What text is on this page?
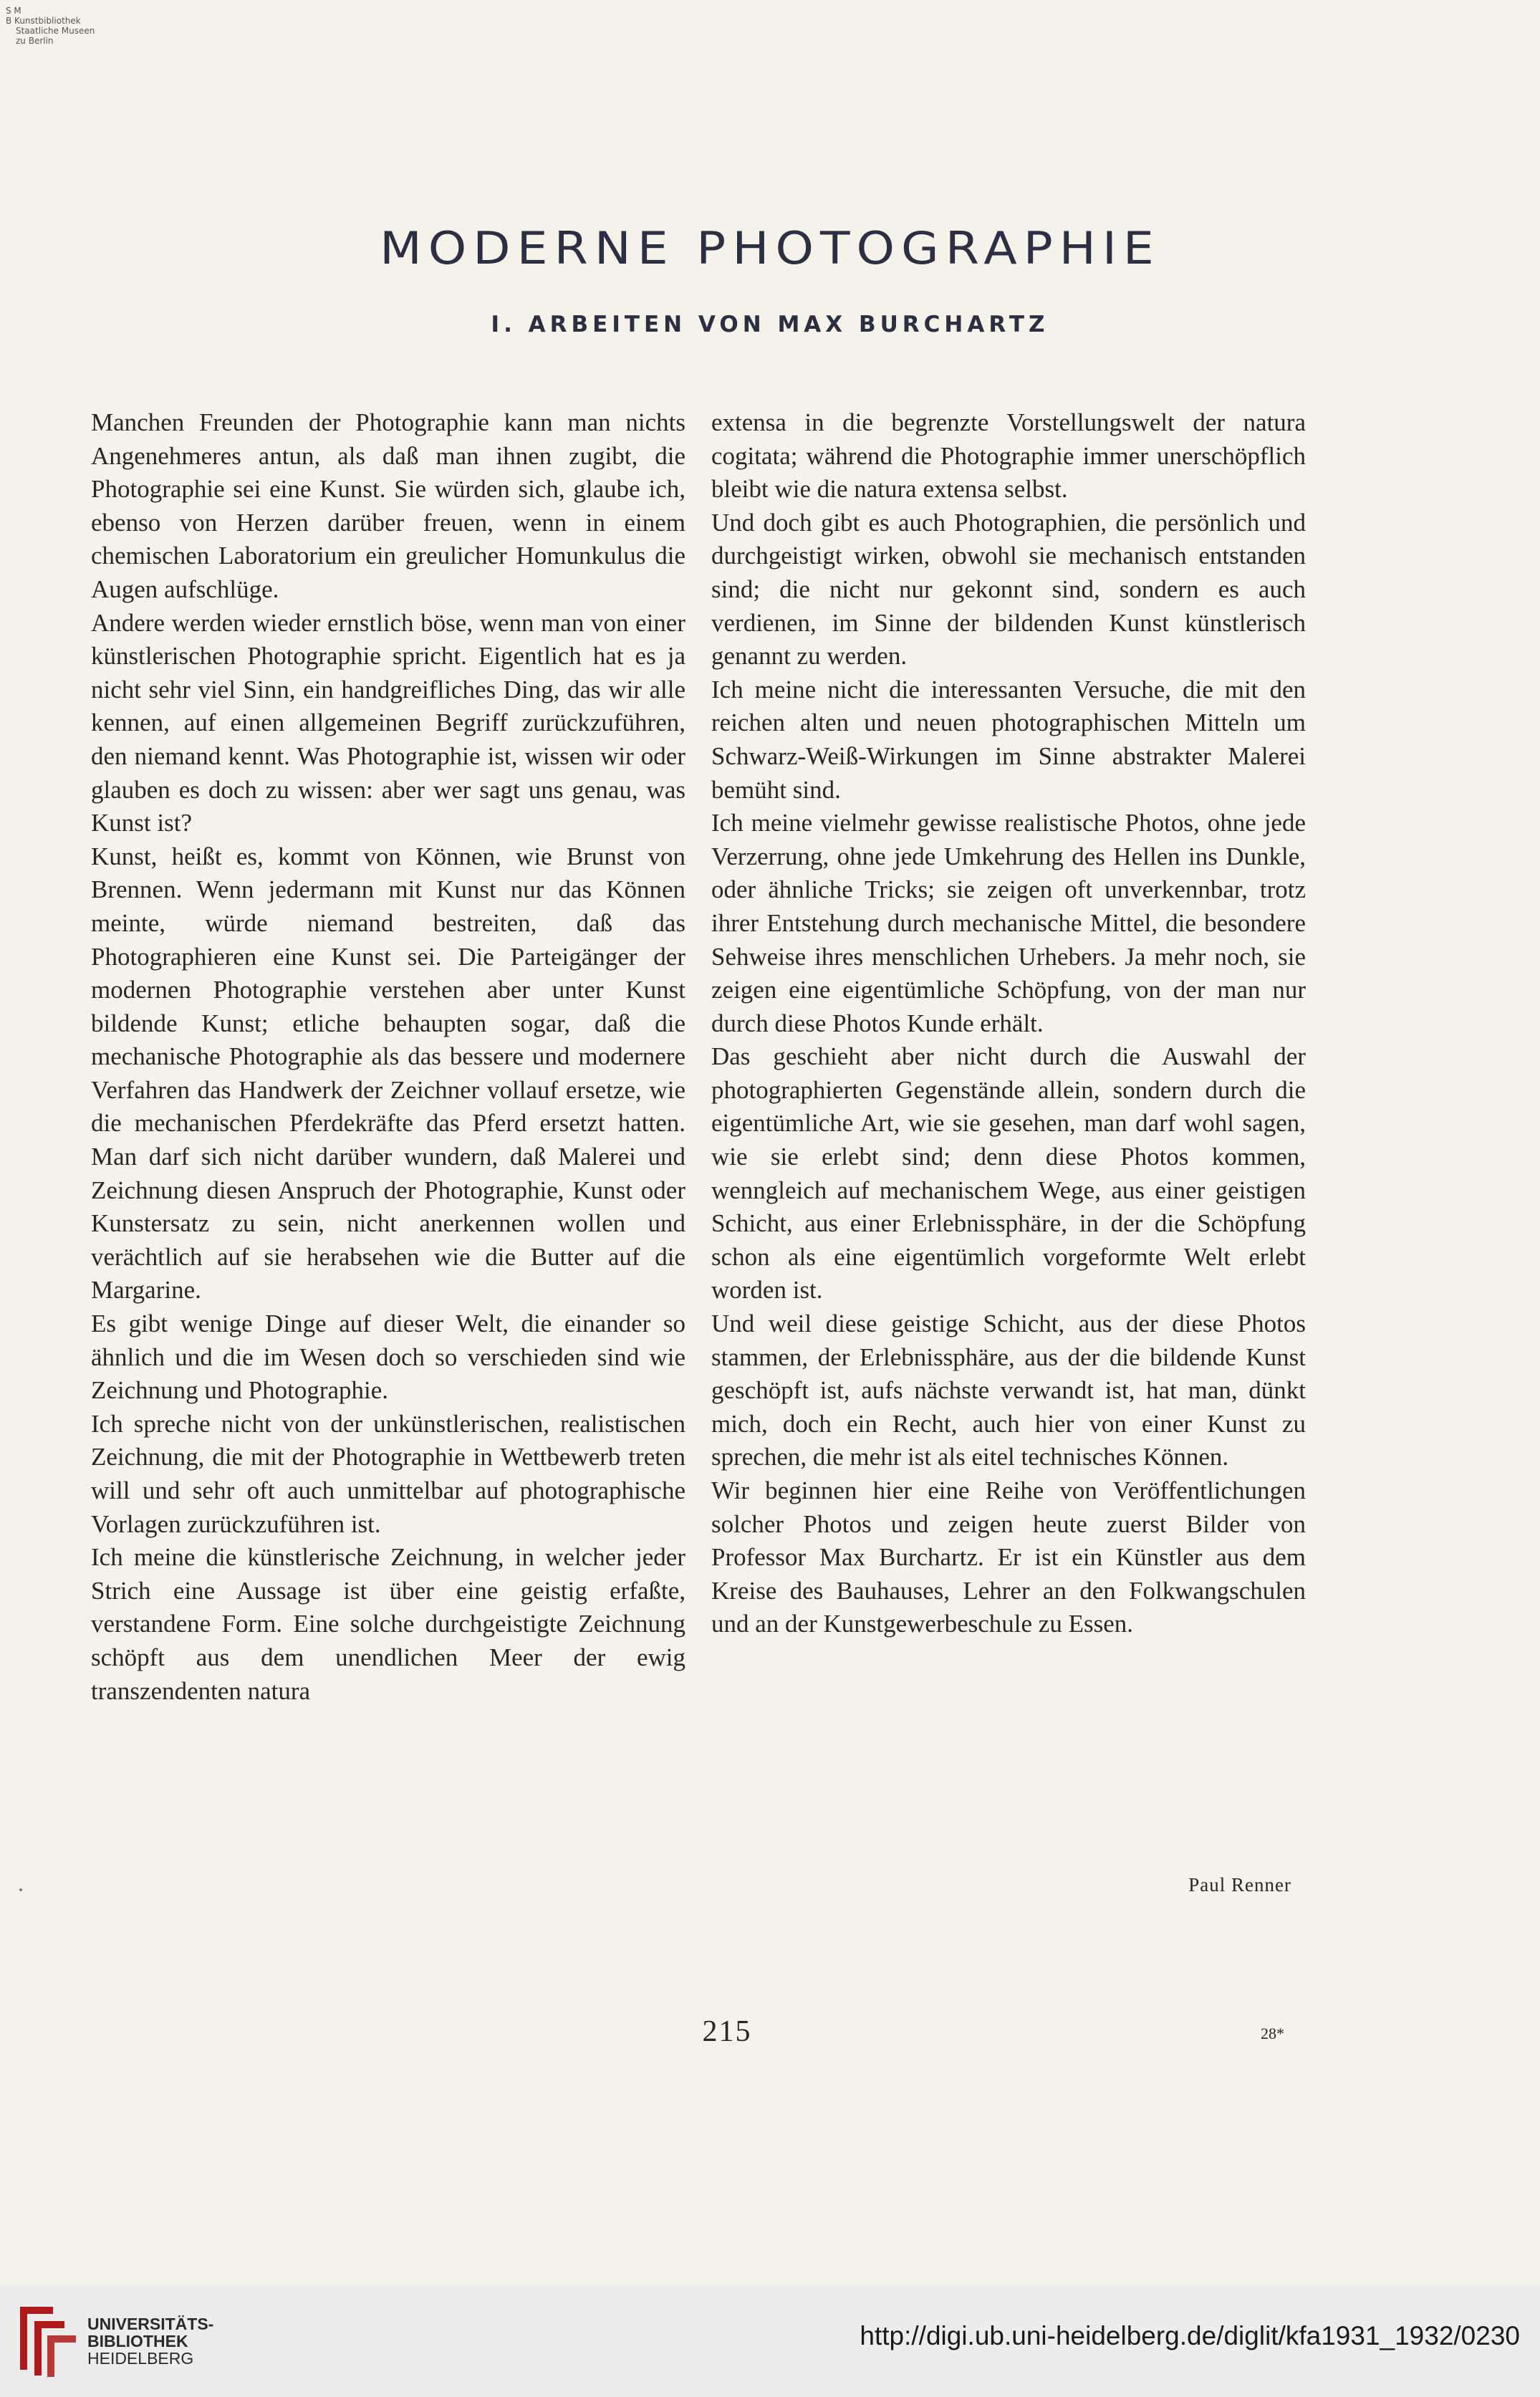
S M
B Kunstbibliothek
Staatliche Museen
zu Berlin
MODERNE PHOTOGRAPHIE
I. ARBEITEN VON MAX BURCHARTZ

Manchen Freunden der Photographie kann man nichts Angenehmeres antun, als daß man ihnen zugibt, die Photographie sei eine Kunst. Sie würden sich, glaube ich, ebenso von Herzen darüber freuen, wenn in einem chemischen Laboratorium ein greulicher Homunkulus die Augen aufschlüge.

Andere werden wieder ernstlich böse, wenn man von einer künstlerischen Photographie spricht. Eigentlich hat es ja nicht sehr viel Sinn, ein handgreifliches Ding, das wir alle kennen, auf einen allgemeinen Begriff zurückzuführen, den niemand kennt. Was Photographie ist, wissen wir oder glauben es doch zu wissen: aber wer sagt uns genau, was Kunst ist?

Kunst, heißt es, kommt von Können, wie Brunst von Brennen. Wenn jedermann mit Kunst nur das Können meinte, würde niemand bestreiten, daß das Photographieren eine Kunst sei. Die Parteigänger der modernen Photographie verstehen aber unter Kunst bildende Kunst; etliche behaupten sogar, daß die mechanische Photographie als das bessere und modernere Verfahren das Handwerk der Zeichner vollauf ersetze, wie die mechanischen Pferdekräfte das Pferd ersetzt hatten. Man darf sich nicht darüber wundern, daß Malerei und Zeichnung diesen Anspruch der Photographie, Kunst oder Kunstersatz zu sein, nicht anerkennen wollen und verächtlich auf sie herabsehen wie die Butter auf die Margarine.

Es gibt wenige Dinge auf dieser Welt, die einander so ähnlich und die im Wesen doch so verschieden sind wie Zeichnung und Photographie.

Ich spreche nicht von der unkünstlerischen, realistischen Zeichnung, die mit der Photographie in Wettbewerb treten will und sehr oft auch unmittelbar auf photographische Vorlagen zurückzuführen ist.

Ich meine die künstlerische Zeichnung, in welcher jeder Strich eine Aussage ist über eine geistig erfaßte, verstandene Form. Eine solche durchgeistigte Zeichnung schöpft aus dem unendlichen Meer der ewig transzendenten natura

extensa in die begrenzte Vorstellungswelt der natura cogitata; während die Photographie immer unerschöpflich bleibt wie die natura extensa selbst.

Und doch gibt es auch Photographien, die persönlich und durchgeistigt wirken, obwohl sie mechanisch entstanden sind; die nicht nur gekonnt sind, sondern es auch verdienen, im Sinne der bildenden Kunst künstlerisch genannt zu werden.

Ich meine nicht die interessanten Versuche, die mit den reichen alten und neuen photographischen Mitteln um Schwarz-Weiß-Wirkungen im Sinne abstrakter Malerei bemüht sind.

Ich meine vielmehr gewisse realistische Photos, ohne jede Verzerrung, ohne jede Umkehrung des Hellen ins Dunkle, oder ähnliche Tricks; sie zeigen oft unverkennbar, trotz ihrer Entstehung durch mechanische Mittel, die besondere Sehweise ihres menschlichen Urhebers. Ja mehr noch, sie zeigen eine eigentümliche Schöpfung, von der man nur durch diese Photos Kunde erhält.

Das geschieht aber nicht durch die Auswahl der photographierten Gegenstände allein, sondern durch die eigentümliche Art, wie sie gesehen, man darf wohl sagen, wie sie erlebt sind; denn diese Photos kommen, wenngleich auf mechanischem Wege, aus einer geistigen Schicht, aus einer Erlebnissphäre, in der die Schöpfung schon als eine eigentümlich vorgeformte Welt erlebt worden ist.

Und weil diese geistige Schicht, aus der diese Photos stammen, der Erlebnissphäre, aus der die bildende Kunst geschöpft ist, aufs nächste verwandt ist, hat man, dünkt mich, doch ein Recht, auch hier von einer Kunst zu sprechen, die mehr ist als eitel technisches Können.

Wir beginnen hier eine Reihe von Veröffentlichungen solcher Photos und zeigen heute zuerst Bilder von Professor Max Burchartz. Er ist ein Künstler aus dem Kreise des Bauhauses, Lehrer an den Folkwangschulen und an der Kunstgewerbeschule zu Essen.

Paul Renner
215	28*
UNIVERSITÄTS-
BIBLIOTHEK
HEIDELBERG
http://digi.ub.uni-heidelberg.de/diglit/kfa1931_1932/0230
